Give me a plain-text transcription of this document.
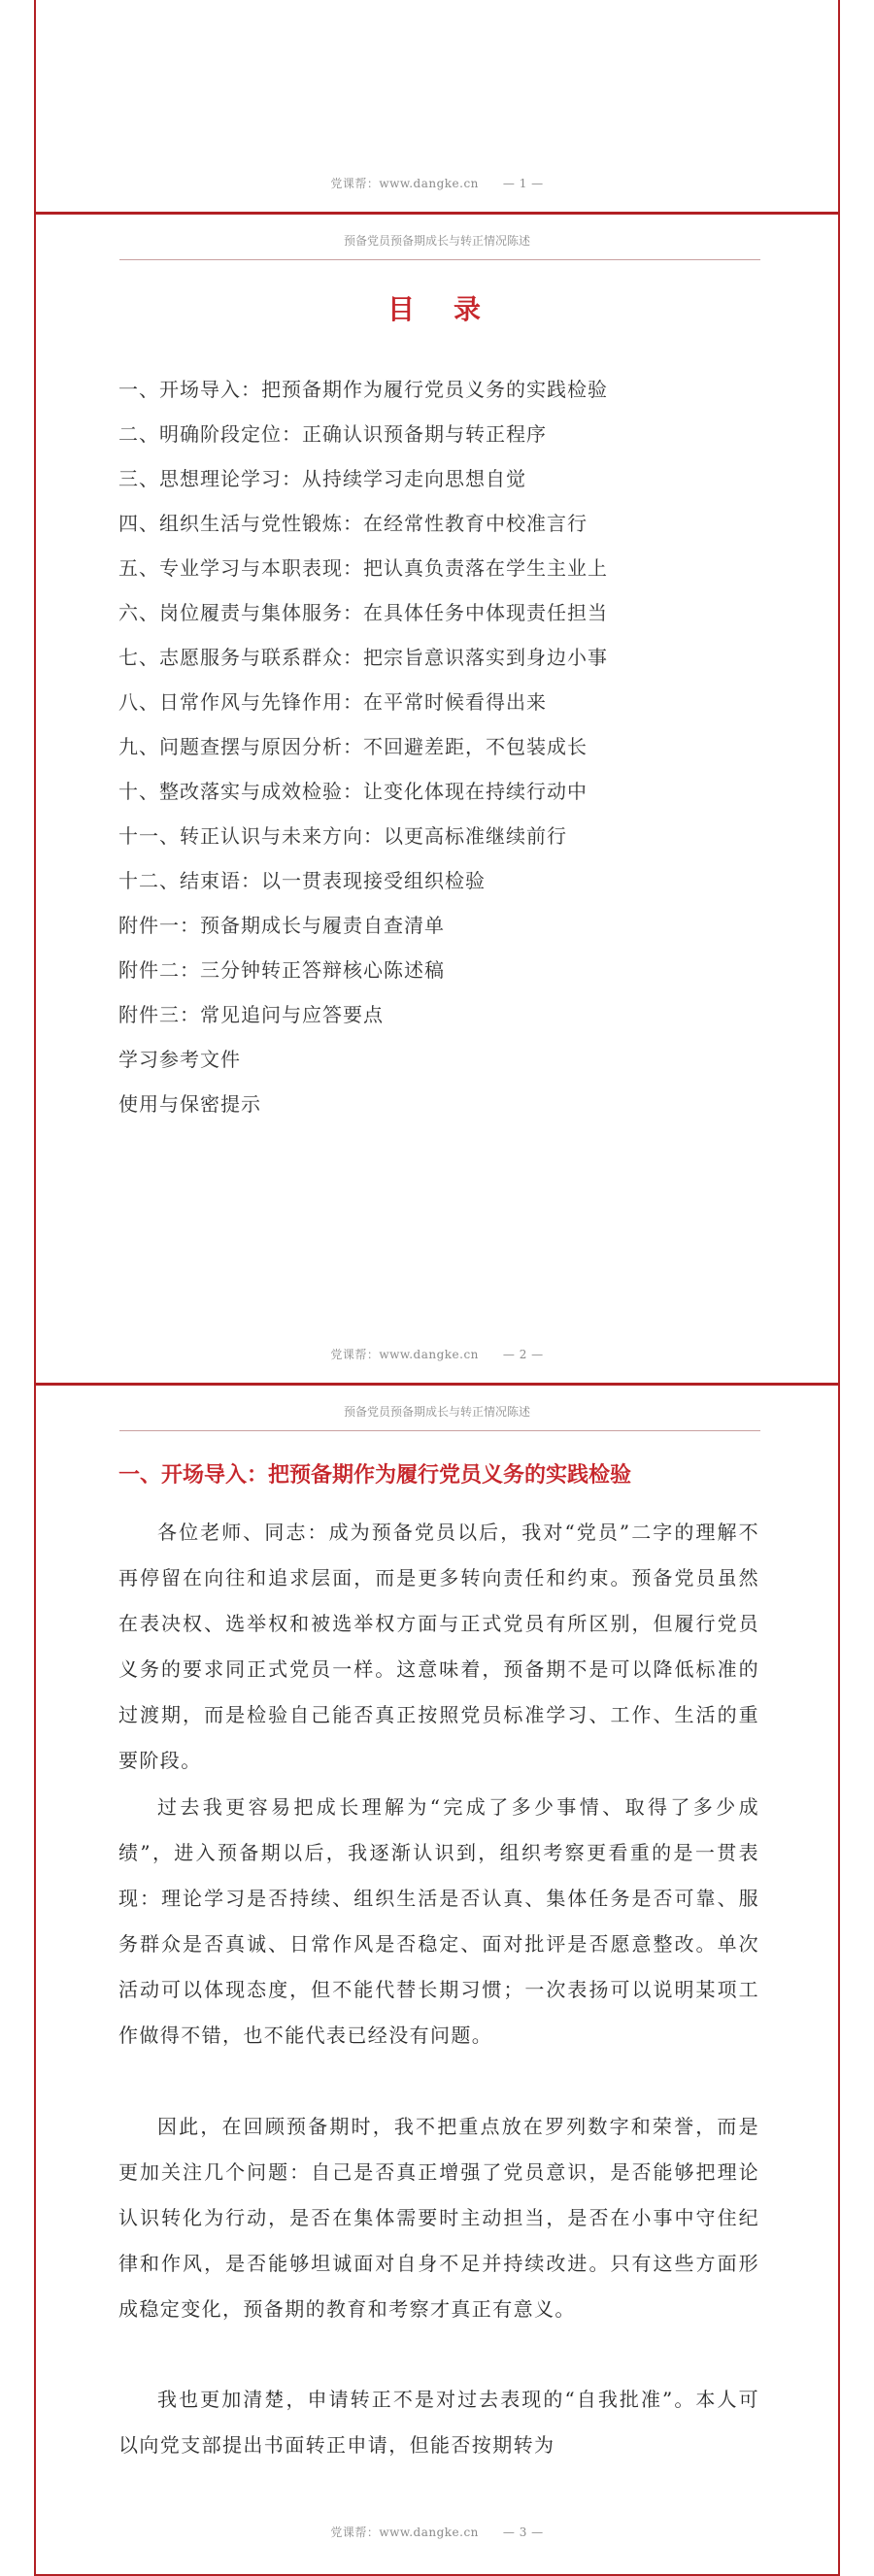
党课帮：www.dangke.cn　　— 1 —
预备党员预备期成长与转正情况陈述
目　录
一、开场导入：把预备期作为履行党员义务的实践检验
二、明确阶段定位：正确认识预备期与转正程序
三、思想理论学习：从持续学习走向思想自觉
四、组织生活与党性锻炼：在经常性教育中校准言行
五、专业学习与本职表现：把认真负责落在学生主业上
六、岗位履责与集体服务：在具体任务中体现责任担当
七、志愿服务与联系群众：把宗旨意识落实到身边小事
八、日常作风与先锋作用：在平常时候看得出来
九、问题查摆与原因分析：不回避差距，不包装成长
十、整改落实与成效检验：让变化体现在持续行动中
十一、转正认识与未来方向：以更高标准继续前行
十二、结束语：以一贯表现接受组织检验
附件一：预备期成长与履责自查清单
附件二：三分钟转正答辩核心陈述稿
附件三：常见追问与应答要点
学习参考文件
使用与保密提示
党课帮：www.dangke.cn　　— 2 —
预备党员预备期成长与转正情况陈述
一、开场导入：把预备期作为履行党员义务的实践检验

各位老师、同志：成为预备党员以后，我对“党员”二字的理解不再停留在向往和追求层面，而是更多转向责任和约束。预备党员虽然在表决权、选举权和被选举权方面与正式党员有所区别，但履行党员义务的要求同正式党员一样。这意味着，预备期不是可以降低标准的过渡期，而是检验自己能否真正按照党员标准学习、工作、生活的重要阶段。

过去我更容易把成长理解为“完成了多少事情、取得了多少成绩”，进入预备期以后，我逐渐认识到，组织考察更看重的是一贯表现：理论学习是否持续、组织生活是否认真、集体任务是否可靠、服务群众是否真诚、日常作风是否稳定、面对批评是否愿意整改。单次活动可以体现态度，但不能代替长期习惯；一次表扬可以说明某项工作做得不错，也不能代表已经没有问题。

因此，在回顾预备期时，我不把重点放在罗列数字和荣誉，而是更加关注几个问题：自己是否真正增强了党员意识，是否能够把理论认识转化为行动，是否在集体需要时主动担当，是否在小事中守住纪律和作风，是否能够坦诚面对自身不足并持续改进。只有这些方面形成稳定变化，预备期的教育和考察才真正有意义。

我也更加清楚，申请转正不是对过去表现的“自我批准”。本人可以向党支部提出书面转正申请，但能否按期转为

党课帮：www.dangke.cn　　— 3 —
